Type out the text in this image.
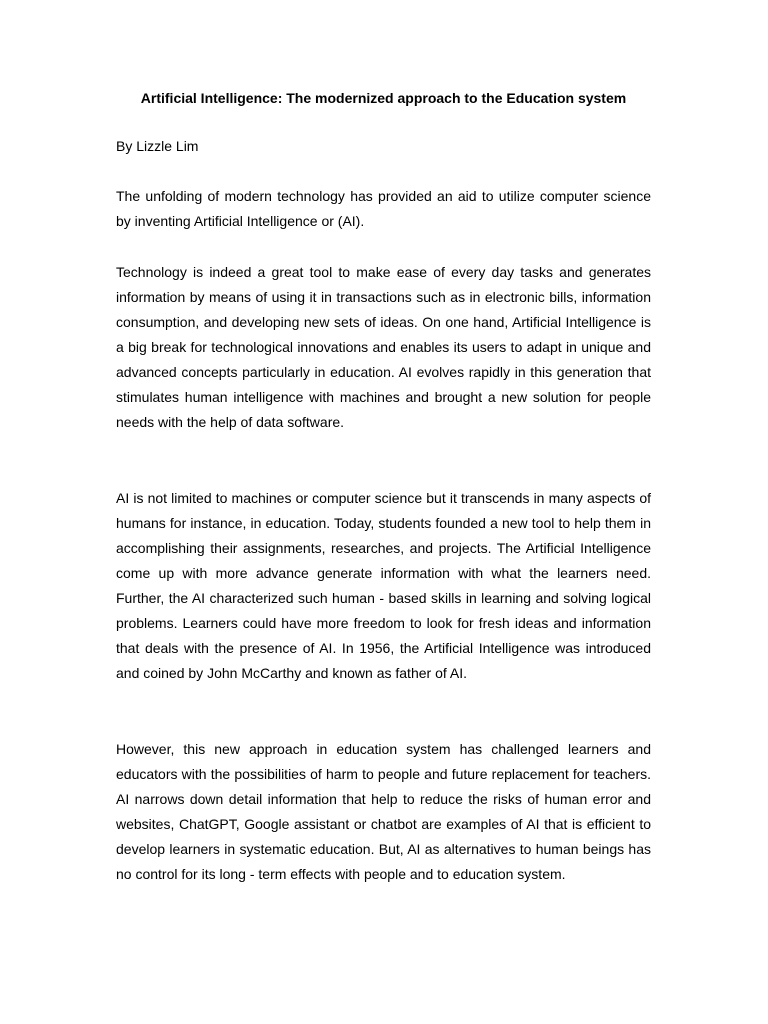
Artificial Intelligence: The modernized approach to the Education system

By Lizzle Lim

The unfolding of modern technology has provided an aid to utilize computer science by inventing Artificial Intelligence or (AI).

Technology is indeed a great tool to make ease of every day tasks and generates information by means of using it in transactions such as in electronic bills, information consumption, and developing new sets of ideas. On one hand, Artificial Intelligence is a big break for technological innovations and enables its users to adapt in unique and advanced concepts particularly in education. AI evolves rapidly in this generation that stimulates human intelligence with machines and brought a new solution for people needs with the help of data software.

AI is not limited to machines or computer science but it transcends in many aspects of humans for instance, in education. Today, students founded a new tool to help them in accomplishing their assignments, researches, and projects. The Artificial Intelligence come up with more advance generate information with what the learners need. Further, the AI characterized such human - based skills in learning and solving logical problems. Learners could have more freedom to look for fresh ideas and information that deals with the presence of AI. In 1956, the Artificial Intelligence was introduced and coined by John McCarthy and known as father of AI.

However, this new approach in education system has challenged learners and educators with the possibilities of harm to people and future replacement for teachers. AI narrows down detail information that help to reduce the risks of human error and websites, ChatGPT, Google assistant or chatbot are examples of AI that is efficient to develop learners in systematic education. But, AI as alternatives to human beings has no control for its long - term effects with people and to education system.
